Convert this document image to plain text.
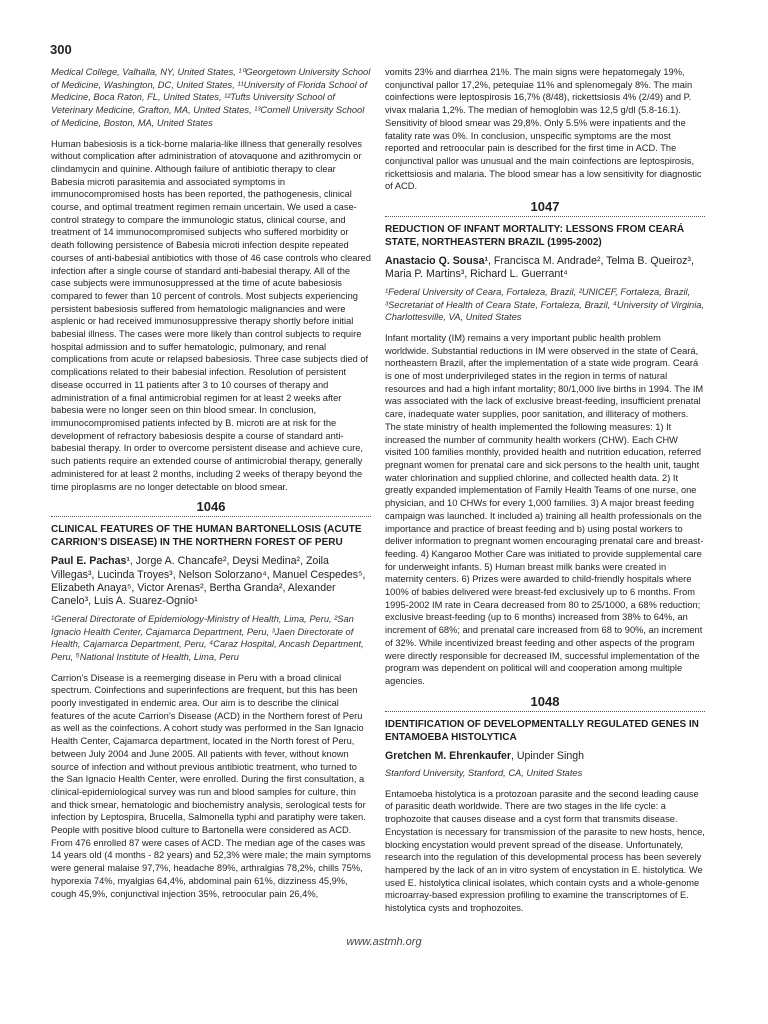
300

Medical College, Valhalla, NY, United States, ¹⁰Georgetown University School of Medicine, Washington, DC, United States, ¹¹University of Florida School of Medicine, Boca Raton, FL, United States, ¹²Tufts University School of Veterinary Medicine, Grafton, MA, United States, ¹³Cornell University School of Medicine, Boston, MA, United States

Human babesiosis is a tick-borne malaria-like illness that generally resolves without complication after administration of atovaquone and azithromycin or clindamycin and quinine. Although failure of antibiotic therapy to clear Babesia microti parasitemia and associated symptoms in immunocompromised hosts has been reported, the pathogenesis, clinical course, and optimal treatment regimen remain uncertain. We used a case-control strategy to compare the immunologic status, clinical course, and treatment of 14 immunocompromised subjects who suffered morbidity or death following persistence of Babesia microti infection despite repeated courses of anti-babesial antibiotics with those of 46 case controls who cleared infection after a single course of standard anti-babesial therapy. All of the case subjects were immunosuppressed at the time of acute babesiosis compared to fewer than 10 percent of controls. Most subjects experiencing persistent babesiosis suffered from hematologic malignancies and were asplenic or had received immunosuppressive therapy shortly before initial babesial illness. The cases were more likely than control subjects to require hospital admission and to suffer hematologic, pulmonary, and renal complications from acute or relapsed babesiosis. Three case subjects died of complications related to their babesial infection. Resolution of persistent disease occurred in 11 patients after 3 to 10 courses of therapy and administration of a final antimicrobial regimen for at least 2 weeks after babesia were no longer seen on thin blood smear. In conclusion, immunocompromised patients infected by B. microti are at risk for the development of refractory babesiosis despite a course of standard anti-babesial therapy. In order to overcome persistent disease and achieve cure, such patients require an extended course of antimicrobial therapy, generally administered for at least 2 months, including 2 weeks of therapy beyond the time piroplasms are no longer detectable on blood smear.

1046
CLINICAL FEATURES OF THE HUMAN BARTONELLOSIS (ACUTE CARRION’S DISEASE) IN THE NORTHERN FOREST OF PERU
Paul E. Pachas¹, Jorge A. Chancafe², Deysi Medina², Zoila Villegas³, Lucinda Troyes³, Nelson Solorzano⁴, Manuel Cespedes⁵, Elizabeth Anaya⁵, Victor Arenas², Bertha Granda², Alexander Canelo³, Luis A. Suarez-Ognio¹

¹General Directorate of Epidemiology-Ministry of Health, Lima, Peru, ²San Ignacio Health Center, Cajamarca Department, Peru, ³Jaen Directorate of Health, Cajamarca Department, Peru, ⁴Caraz Hospital, Ancash Department, Peru, ⁵National Institute of Health, Lima, Peru

Carrion’s Disease is a reemerging disease in Peru with a broad clinical spectrum. Coinfections and superinfections are frequent, but this has been poorly investigated in endemic area. Our aim is to describe the clinical features of the acute Carrion’s Disease (ACD) in the Northern forest of Peru as well as the coinfections. A cohort study was performed in the San Ignacio Health Center, Cajamarca department, located in the North forest of Peru, between July 2004 and June 2005. All patients with fever, without known source of infection and without previous antibiotic treatment, who turned to the San Ignacio Health Center, were enrolled. During the first consultation, a clinical-epidemiological survey was run and blood samples for culture, thin and thick smear, hematologic and biochemistry analysis, serological tests for infection by Leptospira, Brucella, Salmonella typhi and paratiphy were taken. People with positive blood culture to Bartonella were considered as ACD. From 476 enrolled 87 were cases of ACD. The median age of the cases was 14 years old (4 months - 82 years) and 52,3% were male; the main symptoms were general malaise 97,7%, headache 89%, arthralgias 78,2%, chills 75%, hyporexia 74%, myalgias 64,4%, abdominal pain 61%, dizziness 45,9%, cough 45,9%, conjunctival injection 35%, retroocular pain 26,4%,

vomits 23% and diarrhea 21%. The main signs were hepatomegaly 19%, conjunctival pallor 17,2%, petequiae 11% and splenomegaly 8%. The main coinfections were leptospirosis 16,7% (8/48), rickettsiosis 4% (2/49) and P. vivax malaria 1,2%. The median of hemoglobin was 12,5 g/dl (5.8-16.1). Sensitivity of blood smear was 29,8%. Only 5.5% were inpatients and the fatality rate was 0%. In conclusion, unspecific symptoms are the most reported and retroocular pain is described for the first time in ACD. The conjunctival pallor was unusual and the main coinfections are leptospirosis, rickettsiosis and malaria. The blood smear has a low sensitivity for diagnostic of ACD.

1047
REDUCTION OF INFANT MORTALITY: LESSONS FROM CEARÁ STATE, NORTHEASTERN BRAZIL (1995-2002)
Anastacio Q. Sousa¹, Francisca M. Andrade², Telma B. Queiroz³, Maria P. Martins³, Richard L. Guerrant⁴

¹Federal University of Ceara, Fortaleza, Brazil, ²UNICEF, Fortaleza, Brazil, ³Secretariat of Health of Ceara State, Fortaleza, Brazil, ⁴University of Virginia, Charlottesville, VA, United States

Infant mortality (IM) remains a very important public health problem worldwide. Substantial reductions in IM were observed in the state of Ceará, northeastern Brazil, after the implementation of a state wide program. Ceará is one of most underprivileged states in the region in terms of natural resources and had a high infant mortality; 80/1,000 live births in 1994. The IM was associated with the lack of exclusive breast-feeding, insufficient prenatal care, inadequate water supplies, poor sanitation, and illiteracy of mothers. The state ministry of health implemented the following measures: 1) It increased the number of community health workers (CHW). Each CHW visited 100 families monthly, provided health and nutrition education, referred pregnant women for prenatal care and sick persons to the health unit, taught water chlorination and supplied chlorine, and collected health data. 2) It greatly expanded implementation of Family Health Teams of one nurse, one physician, and 10 CHWs for every 1,000 families. 3) A major breast feeding campaign was launched. It included a) training all health professionals on the importance and practice of breast feeding and b) using postal workers to deliver information to pregnant women encouraging prenatal care and breast-feeding. 4) Kangaroo Mother Care was initiated to provide supplemental care for underweight infants. 5) Human breast milk banks were created in maternity centers. 6) Prizes were awarded to child-friendly hospitals where 100% of babies delivered were breast-fed exclusively up to 6 months. From 1995-2002 IM rate in Ceara decreased from 80 to 25/1000, a 68% reduction; exclusive breast-feeding (up to 6 months) increased from 38% to 64%, an increment of 68%; and prenatal care increased from 68 to 90%, an increment of 32%. While incentivized breast feeding and other aspects of the program were directly responsible for decreased IM, successful implementation of the program was dependent on political will and cooperation among multiple agencies.

1048
IDENTIFICATION OF DEVELOPMENTALLY REGULATED GENES IN ENTAMOEBA HISTOLYTICA
Gretchen M. Ehrenkaufer, Upinder Singh

Stanford University, Stanford, CA, United States

Entamoeba histolytica is a protozoan parasite and the second leading cause of parasitic death worldwide. There are two stages in the life cycle: a trophozoite that causes disease and a cyst form that transmits disease. Encystation is necessary for transmission of the parasite to new hosts, hence, blocking encystation would prevent spread of the disease. Unfortunately, research into the regulation of this developmental process has been severely hampered by the lack of an in vitro system of encystation in E. histolytica. We used E. histolytica clinical isolates, which contain cysts and a whole-genome microarray-based expression profiling to examine the transcriptomes of E. histolytica cysts and trophozoites.

www.astmh.org
